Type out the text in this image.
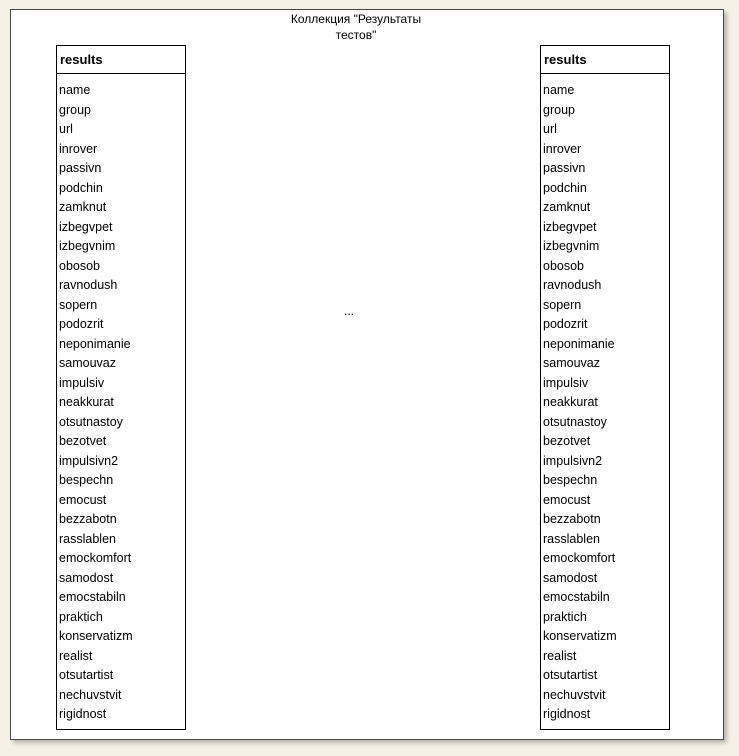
Коллекция "Результаты
тестов"
results
name
group
url
inrover
passivn
podchin
zamknut
izbegvpet
izbegvnim
obosob
ravnodush
sopern
podozrit
neponimanie
samouvaz
impulsiv
neakkurat
otsutnastoy
bezotvet
impulsivn2
bespechn
emocust
bezzabotn
rasslablen
emockomfort
samodost
emocstabiln
praktich
konservatizm
realist
otsutartist
nechuvstvit
rigidnost
...
results
name
group
url
inrover
passivn
podchin
zamknut
izbegvpet
izbegvnim
obosob
ravnodush
sopern
podozrit
neponimanie
samouvaz
impulsiv
neakkurat
otsutnastoy
bezotvet
impulsivn2
bespechn
emocust
bezzabotn
rasslablen
emockomfort
samodost
emocstabiln
praktich
konservatizm
realist
otsutartist
nechuvstvit
rigidnost
